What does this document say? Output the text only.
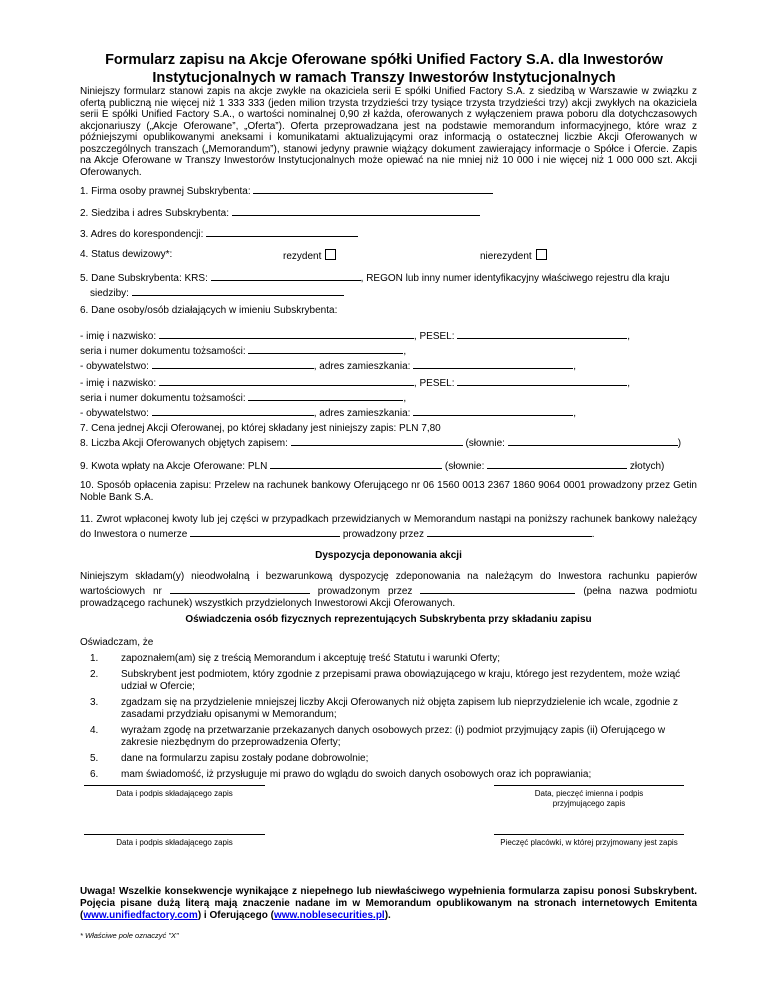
Formularz zapisu na Akcje Oferowane spółki Unified Factory S.A. dla Inwestorów Instytucjonalnych w ramach Transzy Inwestorów Instytucjonalnych
Niniejszy formularz stanowi zapis na akcje zwykłe na okaziciela serii E spółki Unified Factory S.A. z siedzibą w Warszawie w związku z ofertą publiczną nie więcej niż 1 333 333 (jeden milion trzysta trzydzieści trzy tysiące trzysta trzydzieści trzy) akcji zwykłych na okaziciela serii E spółki Unified Factory S.A., o wartości nominalnej 0,90 zł każda, oferowanych z wyłączeniem prawa poboru dla dotychczasowych akcjonariuszy („Akcje Oferowane”, „Oferta”). Oferta przeprowadzana jest na podstawie memorandum informacyjnego, które wraz z późniejszymi opublikowanymi aneksami i komunikatami aktualizującymi oraz informacją o ostatecznej liczbie Akcji Oferowanych w poszczególnych transzach („Memorandum”), stanowi jedyny prawnie wiążący dokument zawierający informacje o Spółce i Ofercie. Zapis na Akcje Oferowane w Transzy Inwestorów Instytucjonalnych może opiewać na nie mniej niż 10 000 i nie więcej niż 1 000 000 szt. Akcji Oferowanych.
1. Firma osoby prawnej Subskrybenta:
2. Siedziba i adres Subskrybenta:
3. Adres do korespondencji:
4. Status dewizowy*:	rezydent	nierezydent
5. Dane Subskrybenta: KRS:	, REGON lub inny numer identyfikacyjny właściwego rejestru dla kraju
siedziby:
6. Dane osoby/osób działających w imieniu Subskrybenta:
- imię i nazwisko:	, PESEL:	,
seria i numer dokumentu tożsamości:	,
- obywatelstwo:	, adres zamieszkania:	,
- imię i nazwisko:	, PESEL:	,
seria i numer dokumentu tożsamości:	,
- obywatelstwo:	, adres zamieszkania:	,
7. Cena jednej Akcji Oferowanej, po której składany jest niniejszy zapis: PLN 7,80
8. Liczba Akcji Oferowanych objętych zapisem:	(słownie:	)
9. Kwota wpłaty na Akcje Oferowane: PLN	(słownie:	złotych)
10. Sposób opłacenia zapisu: Przelew na rachunek bankowy Oferującego nr 06 1560 0013 2367 1860 9064 0001 prowadzony przez Getin Noble Bank S.A.
11. Zwrot wpłaconej kwoty lub jej części w przypadkach przewidzianych w Memorandum nastąpi na poniższy rachunek bankowy należący do Inwestora o numerze	prowadzony przez	.
Dyspozycja deponowania akcji
Niniejszym składam(y) nieodwołalną i bezwarunkową dyspozycję zdeponowania na należącym do Inwestora rachunku papierów wartościowych nr	prowadzonym przez	(pełna nazwa podmiotu prowadzącego rachunek) wszystkich przydzielonych Inwestorowi Akcji Oferowanych.
Oświadczenia osób fizycznych reprezentujących Subskrybenta przy składaniu zapisu
Oświadczam, że
1. zapoznałem(am) się z treścią Memorandum i akceptuję treść Statutu i warunki Oferty;
2. Subskrybent jest podmiotem, który zgodnie z przepisami prawa obowiązującego w kraju, którego jest rezydentem, może wziąć udział w Ofercie;
3. zgadzam się na przydzielenie mniejszej liczby Akcji Oferowanych niż objęta zapisem lub nieprzydzielenie ich wcale, zgodnie z zasadami przydziału opisanymi w Memorandum;
4. wyrażam zgodę na przetwarzanie przekazanych danych osobowych przez: (i) podmiot przyjmujący zapis (ii) Oferującego w zakresie niezbędnym do przeprowadzenia Oferty;
5. dane na formularzu zapisu zostały podane dobrowolnie;
6. mam świadomość, iż przysługuje mi prawo do wglądu do swoich danych osobowych oraz ich poprawiania;
Data i podpis składającego zapis	Data, pieczęć imienna i podpis przyjmującego zapis
Data i podpis składającego zapis	Pieczęć placówki, w której przyjmowany jest zapis
Uwaga! Wszelkie konsekwencje wynikające z niepełnego lub niewłaściwego wypełnienia formularza zapisu ponosi Subskrybent. Pojęcia pisane dużą literą mają znaczenie nadane im w Memorandum opublikowanym na stronach internetowych Emitenta (www.unifiedfactory.com) i Oferującego (www.noblesecurities.pl).
* Właściwe pole oznaczyć "X"
